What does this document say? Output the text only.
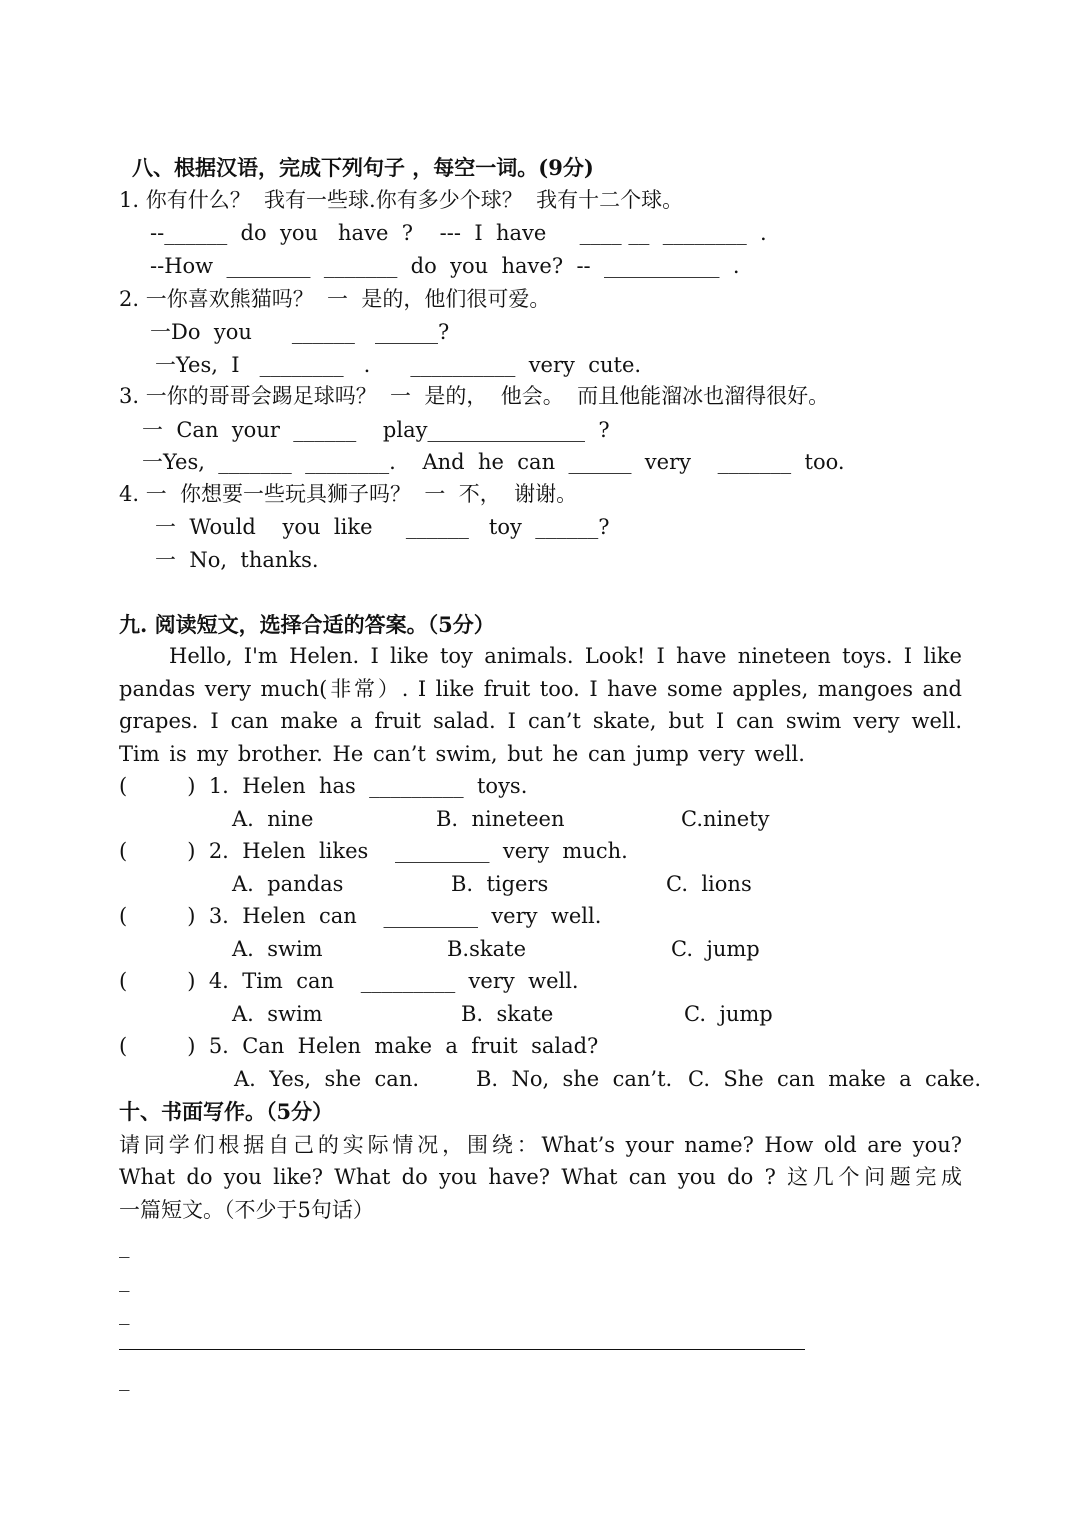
八、根据汉语，完成下列句子 ，每空一词。(9分)
1. 你有什么？  我有一些球.你有多少个球？  我有十二个球。
--______  do  you   have  ?    ---  I  have     ____ __  ________  .
--How  ________  _______  do  you  have?  --  ___________  .
2. 一你喜欢熊猫吗？  一  是的，他们很可爱。
一Do  you      ______   ______?
一Yes,  I   ________   .      __________  very  cute.
3. 一你的哥哥会踢足球吗？  一  是的，  他会。  而且他能溜冰也溜得很好。
一  Can  your  ______    play_______________  ?
一Yes,  _______  ________.    And  he  can  ______  very    _______  too.
4. 一  你想要一些玩具狮子吗？  一  不，  谢谢。
一  Would    you  like     ______   toy  ______?
一  No,  thanks.
九. 阅读短文，选择合适的答案。（5分）
Hello, I'm Helen. I like toy animals. Look! I have nineteen toys. I like
pandas very much(非常）. I like fruit too. I have some apples, mangoes and
grapes. I can make a fruit salad. I can’t skate, but I can swim very well.
Tim is my brother. He can’t swim, but he can jump very well.
(         )  1.  Helen  has  _________  toys.
A.  nine	B.  nineteen	C.ninety
(         )  2.  Helen  likes    _________  very  much.
A.  pandas	B.  tigers	C.  lions
(         )  3.  Helen  can    _________  very  well.
A.  swim	B.skate	C.  jump
(         )  4.  Tim  can    _________  very  well.
A.  swim	B.  skate	C.  jump
(         )  5.  Can  Helen  make  a  fruit  salad?
A.  Yes,  she  can.	B.  No,  she  can’t. C.  She  can  make  a  cake.
十、书面写作。（5分）
请同学们根据自己的实际情况，围绕：What’s your name? How old are you?
What do you like? What do you have? What can you do ? 这几个问题完成
一篇短文。（不少于5句话）
_
_
_
_
